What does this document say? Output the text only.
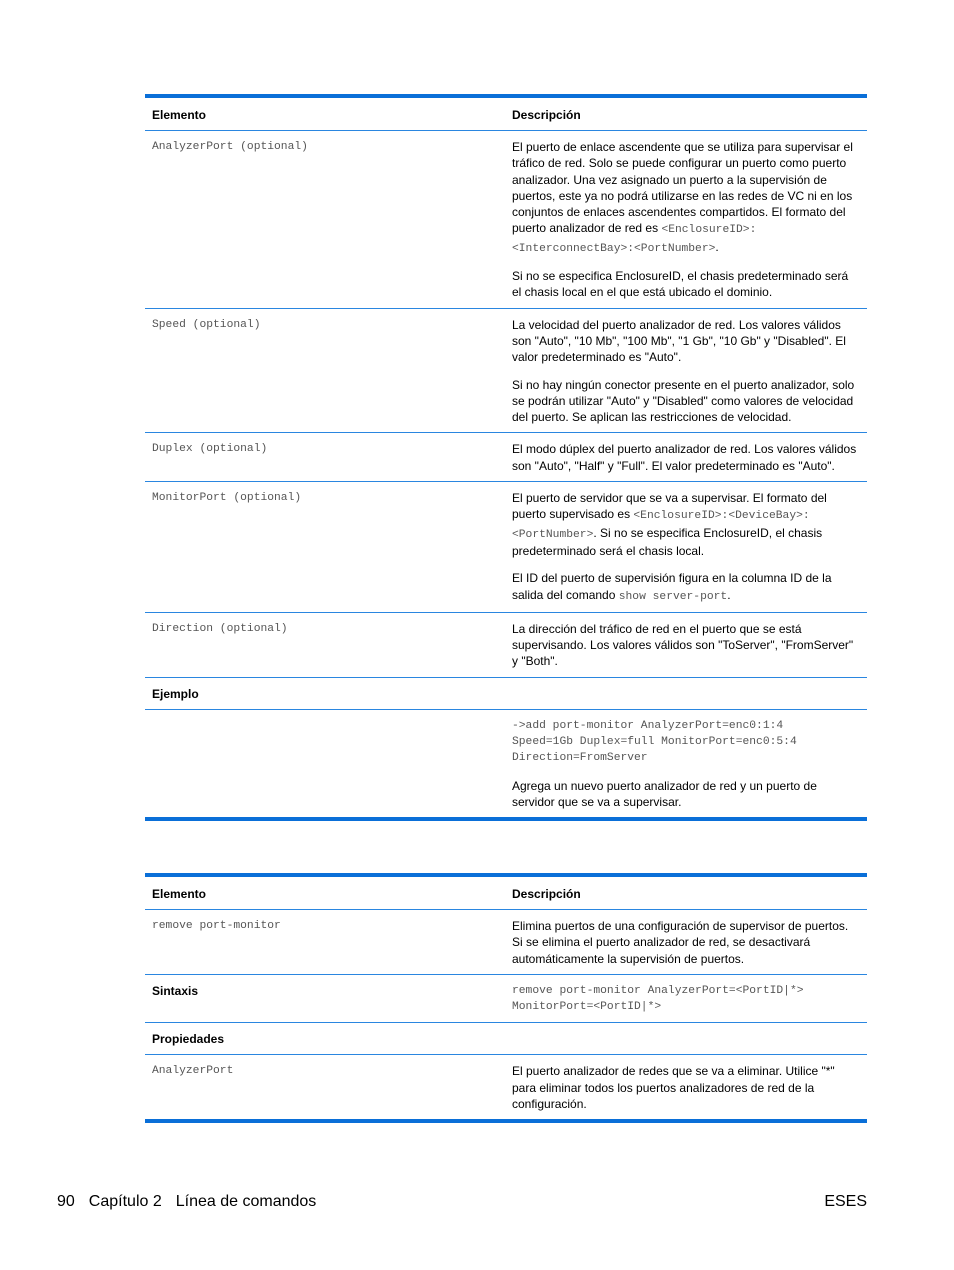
Elemento	Descripción
AnalyzerPort (optional)	El puerto de enlace ascendente que se utiliza para supervisar el tráfico de red. Solo se puede configurar un puerto como puerto analizador. Una vez asignado un puerto a la supervisión de puertos, este ya no podrá utilizarse en las redes de VC ni en los conjuntos de enlaces ascendentes compartidos. El formato del puerto analizador de red es <EnclosureID>:<InterconnectBay>:<PortNumber>.

Si no se especifica EnclosureID, el chasis predeterminado será el chasis local en el que está ubicado el dominio.

Speed (optional)	La velocidad del puerto analizador de red. Los valores válidos son "Auto", "10 Mb", "100 Mb", "1 Gb", "10 Gb" y "Disabled". El valor predeterminado es "Auto".

Si no hay ningún conector presente en el puerto analizador, solo se podrán utilizar "Auto" y "Disabled" como valores de velocidad del puerto. Se aplican las restricciones de velocidad.

Duplex (optional)	El modo dúplex del puerto analizador de red. Los valores válidos son "Auto", "Half" y "Full". El valor predeterminado es "Auto".

MonitorPort (optional)	El puerto de servidor que se va a supervisar. El formato del puerto supervisado es <EnclosureID>:<DeviceBay>:<PortNumber>. Si no se especifica EnclosureID, el chasis predeterminado será el chasis local.

El ID del puerto de supervisión figura en la columna ID de la salida del comando show server-port.

Direction (optional)	La dirección del tráfico de red en el puerto que se está supervisando. Los valores válidos son "ToServer", "FromServer" y "Both".

Ejemplo

->add port-monitor AnalyzerPort=enc0:1:4
Speed=1Gb Duplex=full MonitorPort=enc0:5:4
Direction=FromServer

Agrega un nuevo puerto analizador de red y un puerto de servidor que se va a supervisar.

Elemento	Descripción
remove port-monitor	Elimina puertos de una configuración de supervisor de puertos. Si se elimina el puerto analizador de red, se desactivará automáticamente la supervisión de puertos.

Sintaxis	remove port-monitor AnalyzerPort=<PortID|*>
MonitorPort=<PortID|*>

Propiedades
AnalyzerPort	El puerto analizador de redes que se va a eliminar. Utilice "*" para eliminar todos los puertos analizadores de red de la configuración.

90 Capítulo 2 Línea de comandos	ESES
